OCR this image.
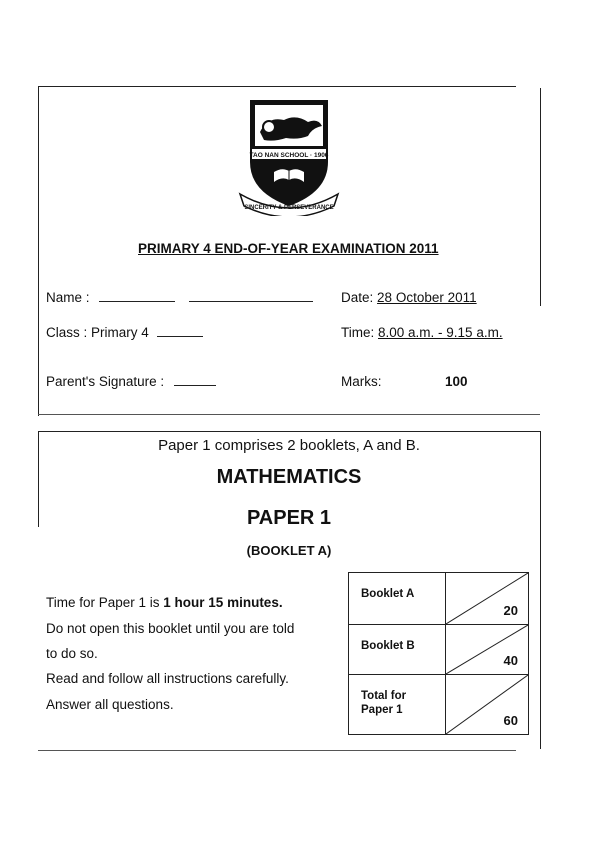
TAO NAN SCHOOL · 1906
SINCERITY & PERSEVERANCE
PRIMARY 4 END-OF-YEAR EXAMINATION 2011
Name :	Date: 28 October 2011
Class : Primary 4	Time: 8.00 a.m. - 9.15 a.m.
Parent's Signature :	Marks:	100
Paper 1 comprises 2 booklets, A and B.
MATHEMATICS
PAPER 1
(BOOKLET A)
Time for Paper 1 is 1 hour 15 minutes.
Do not open this booklet until you are told
to do so.
Read and follow all instructions carefully.
Answer all questions.
Booklet A	20

Booklet B	40

Total for
Paper 1	60
